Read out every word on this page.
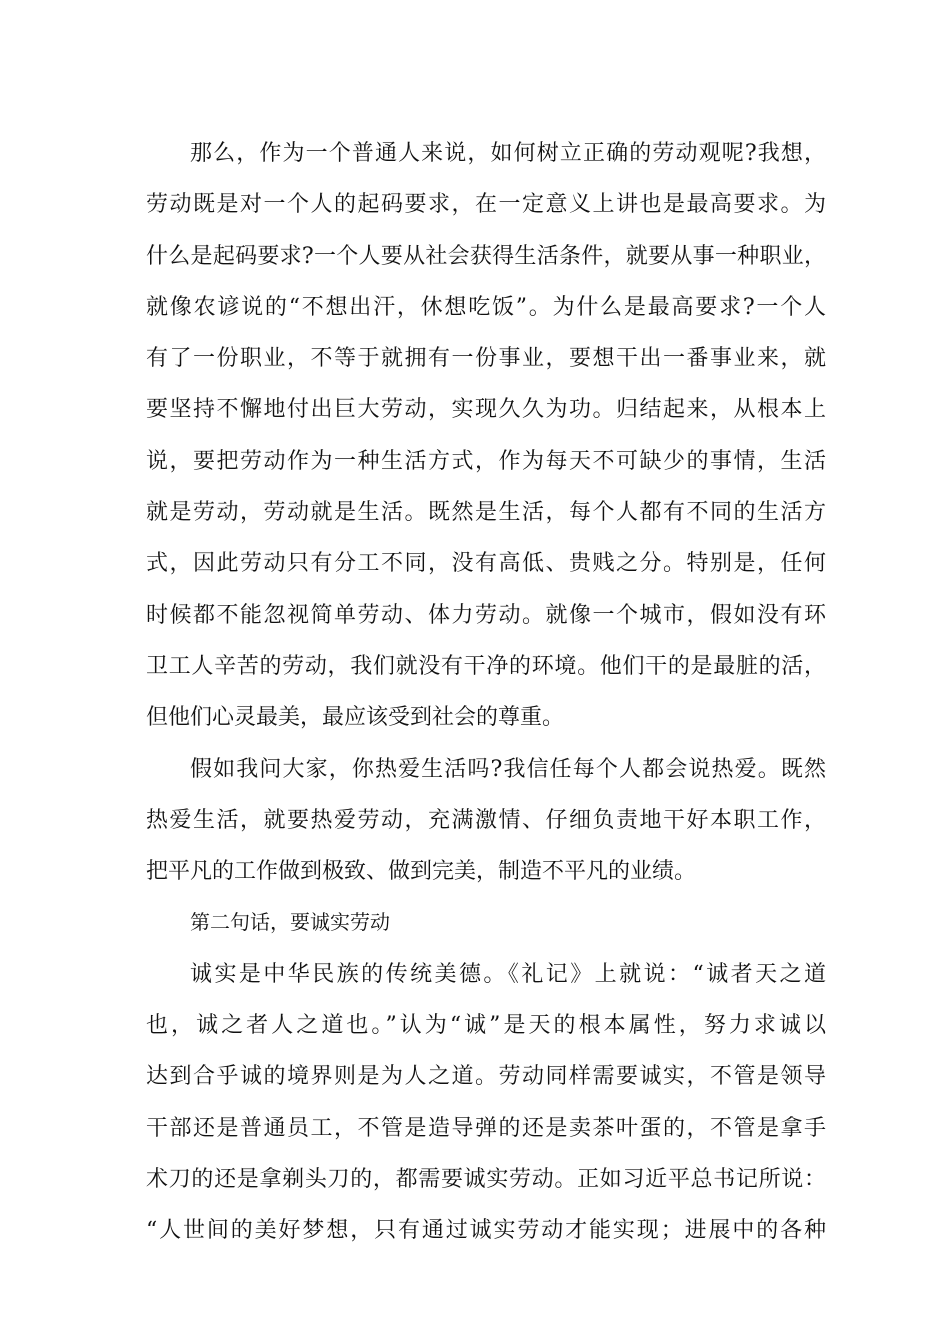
那么，作为一个普通人来说，如何树立正确的劳动观呢?我想，
劳动既是对一个人的起码要求，在一定意义上讲也是最高要求。为
什么是起码要求?一个人要从社会获得生活条件，就要从事一种职业，
就像农谚说的“不想出汗，休想吃饭”。为什么是最高要求?一个人
有了一份职业，不等于就拥有一份事业，要想干出一番事业来，就
要坚持不懈地付出巨大劳动，实现久久为功。归结起来，从根本上
说，要把劳动作为一种生活方式，作为每天不可缺少的事情，生活
就是劳动，劳动就是生活。既然是生活，每个人都有不同的生活方
式，因此劳动只有分工不同，没有高低、贵贱之分。特别是，任何
时候都不能忽视简单劳动、体力劳动。就像一个城市，假如没有环
卫工人辛苦的劳动，我们就没有干净的环境。他们干的是最脏的活，
但他们心灵最美，最应该受到社会的尊重。
假如我问大家，你热爱生活吗?我信任每个人都会说热爱。既然
热爱生活，就要热爱劳动，充满激情、仔细负责地干好本职工作，
把平凡的工作做到极致、做到完美，制造不平凡的业绩。
第二句话，要诚实劳动
诚实是中华民族的传统美德。《礼记》上就说：“诚者天之道
也，诚之者人之道也。”认为“诚”是天的根本属性，努力求诚以
达到合乎诚的境界则是为人之道。劳动同样需要诚实，不管是领导
干部还是普通员工，不管是造导弹的还是卖茶叶蛋的，不管是拿手
术刀的还是拿剃头刀的，都需要诚实劳动。正如习近平总书记所说：
“人世间的美好梦想，只有通过诚实劳动才能实现；进展中的各种
